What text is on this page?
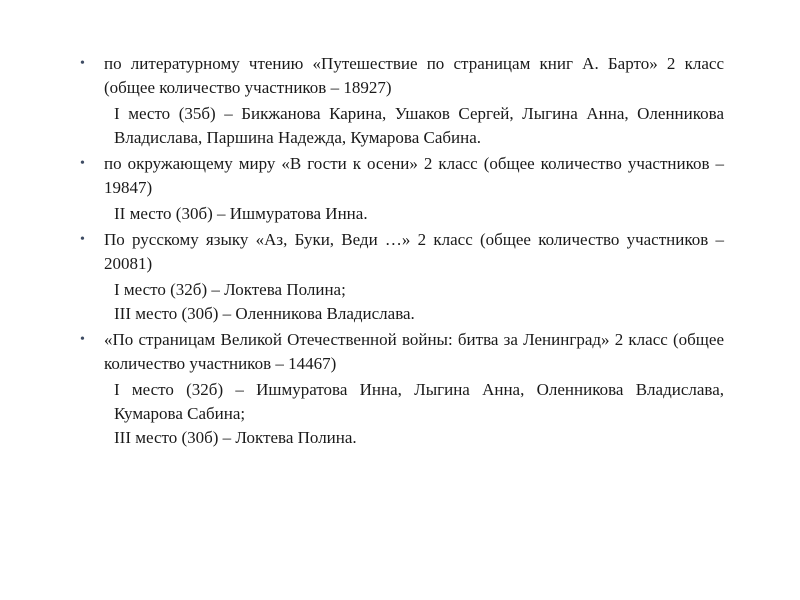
• по литературному чтению «Путешествие по страницам книг А. Барто» 2 класс (общее количество участников – 18927)
I место (35б) – Бикжанова Карина, Ушаков Сергей, Лыгина Анна, Оленникова Владислава, Паршина Надежда, Кумарова Сабина.
• по окружающему миру «В гости к осени» 2 класс (общее количество участников – 19847)
II место (30б) – Ишмуратова Инна.
• По русскому языку «Аз, Буки, Веди …» 2 класс (общее количество участников – 20081)
I место (32б) – Локтева Полина;
III место (30б) – Оленникова Владислава.
• «По страницам Великой Отечественной войны: битва за Ленинград» 2 класс (общее количество участников – 14467)
I место (32б) – Ишмуратова Инна, Лыгина Анна, Оленникова Владислава, Кумарова Сабина;
III место (30б) – Локтева Полина.
